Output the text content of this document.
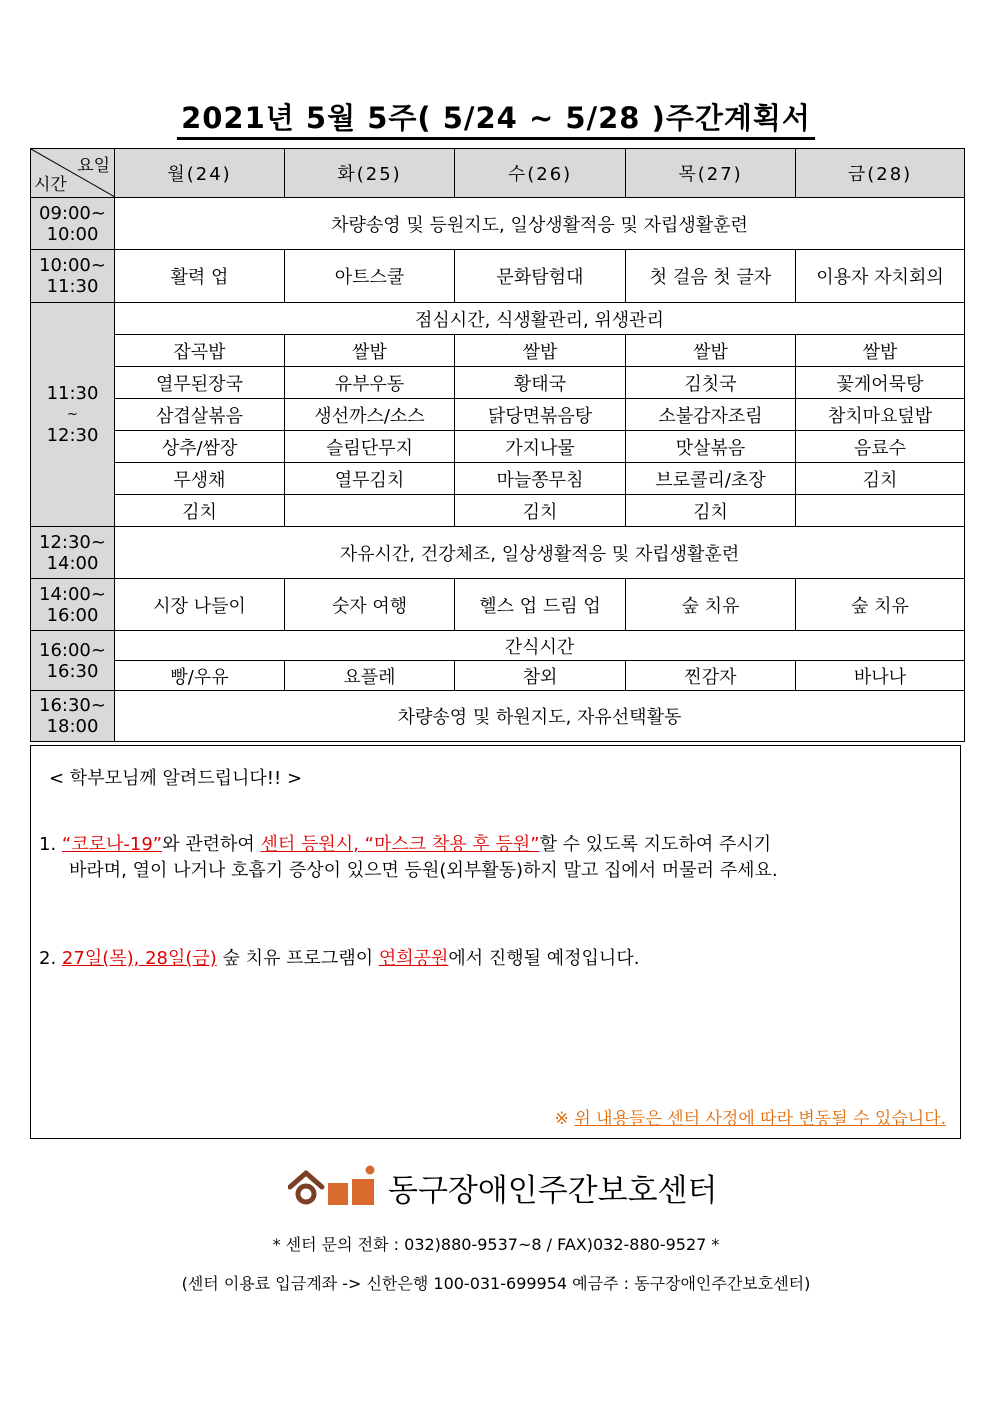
2021년 5월 5주( 5/24 ~ 5/28 )주간계획서
요일
시간	월(24)	화(25)	수(26)	목(27)	금(28)

09:00~
10:00	차량송영 및 등원지도, 일상생활적응 및 자립생활훈련				

10:00~
11:30	활력 업	아트스쿨	문화탐험대	첫 걸음 첫 글자	이용자 자치회의

11:30
~
12:30	점심시간, 식생활관리, 위생관리				
	잡곡밥	쌀밥	쌀밥	쌀밥	쌀밥
	열무된장국	유부우동	황태국	김칫국	꽃게어묵탕
	삼겹살볶음	생선까스/소스	닭당면볶음탕	소불감자조림	참치마요덮밥
	상추/쌈장	슬림단무지	가지나물	맛살볶음	음료수
	무생채	열무김치	마늘쫑무침	브로콜리/초장	김치
	김치		김치	김치	

12:30~
14:00	자유시간, 건강체조, 일상생활적응 및 자립생활훈련				

14:00~
16:00	시장 나들이	숫자 여행	헬스 업 드림 업	숲 치유	숲 치유

16:00~
16:30	간식시간				
	빵/우유	요플레	참외	찐감자	바나나

16:30~
18:00	차량송영 및 하원지도, 자유선택활동				
< 학부모님께 알려드립니다!! >
1. “코로나-19”와 관련하여 센터 등원시, “마스크 착용 후 등원”할 수 있도록 지도하여 주시기
바라며, 열이 나거나 호흡기 증상이 있으면 등원(외부활동)하지 말고 집에서 머물러 주세요.
2. 27일(목), 28일(금) 숲 치유 프로그램이 연희공원에서 진행될 예정입니다.
※ 위 내용들은 센터 사정에 따라 변동될 수 있습니다.
동구장애인주간보호센터
* 센터 문의 전화 : 032)880-9537~8 / FAX)032-880-9527 *
(센터 이용료 입금계좌 -> 신한은행 100-031-699954 예금주 : 동구장애인주간보호센터)
